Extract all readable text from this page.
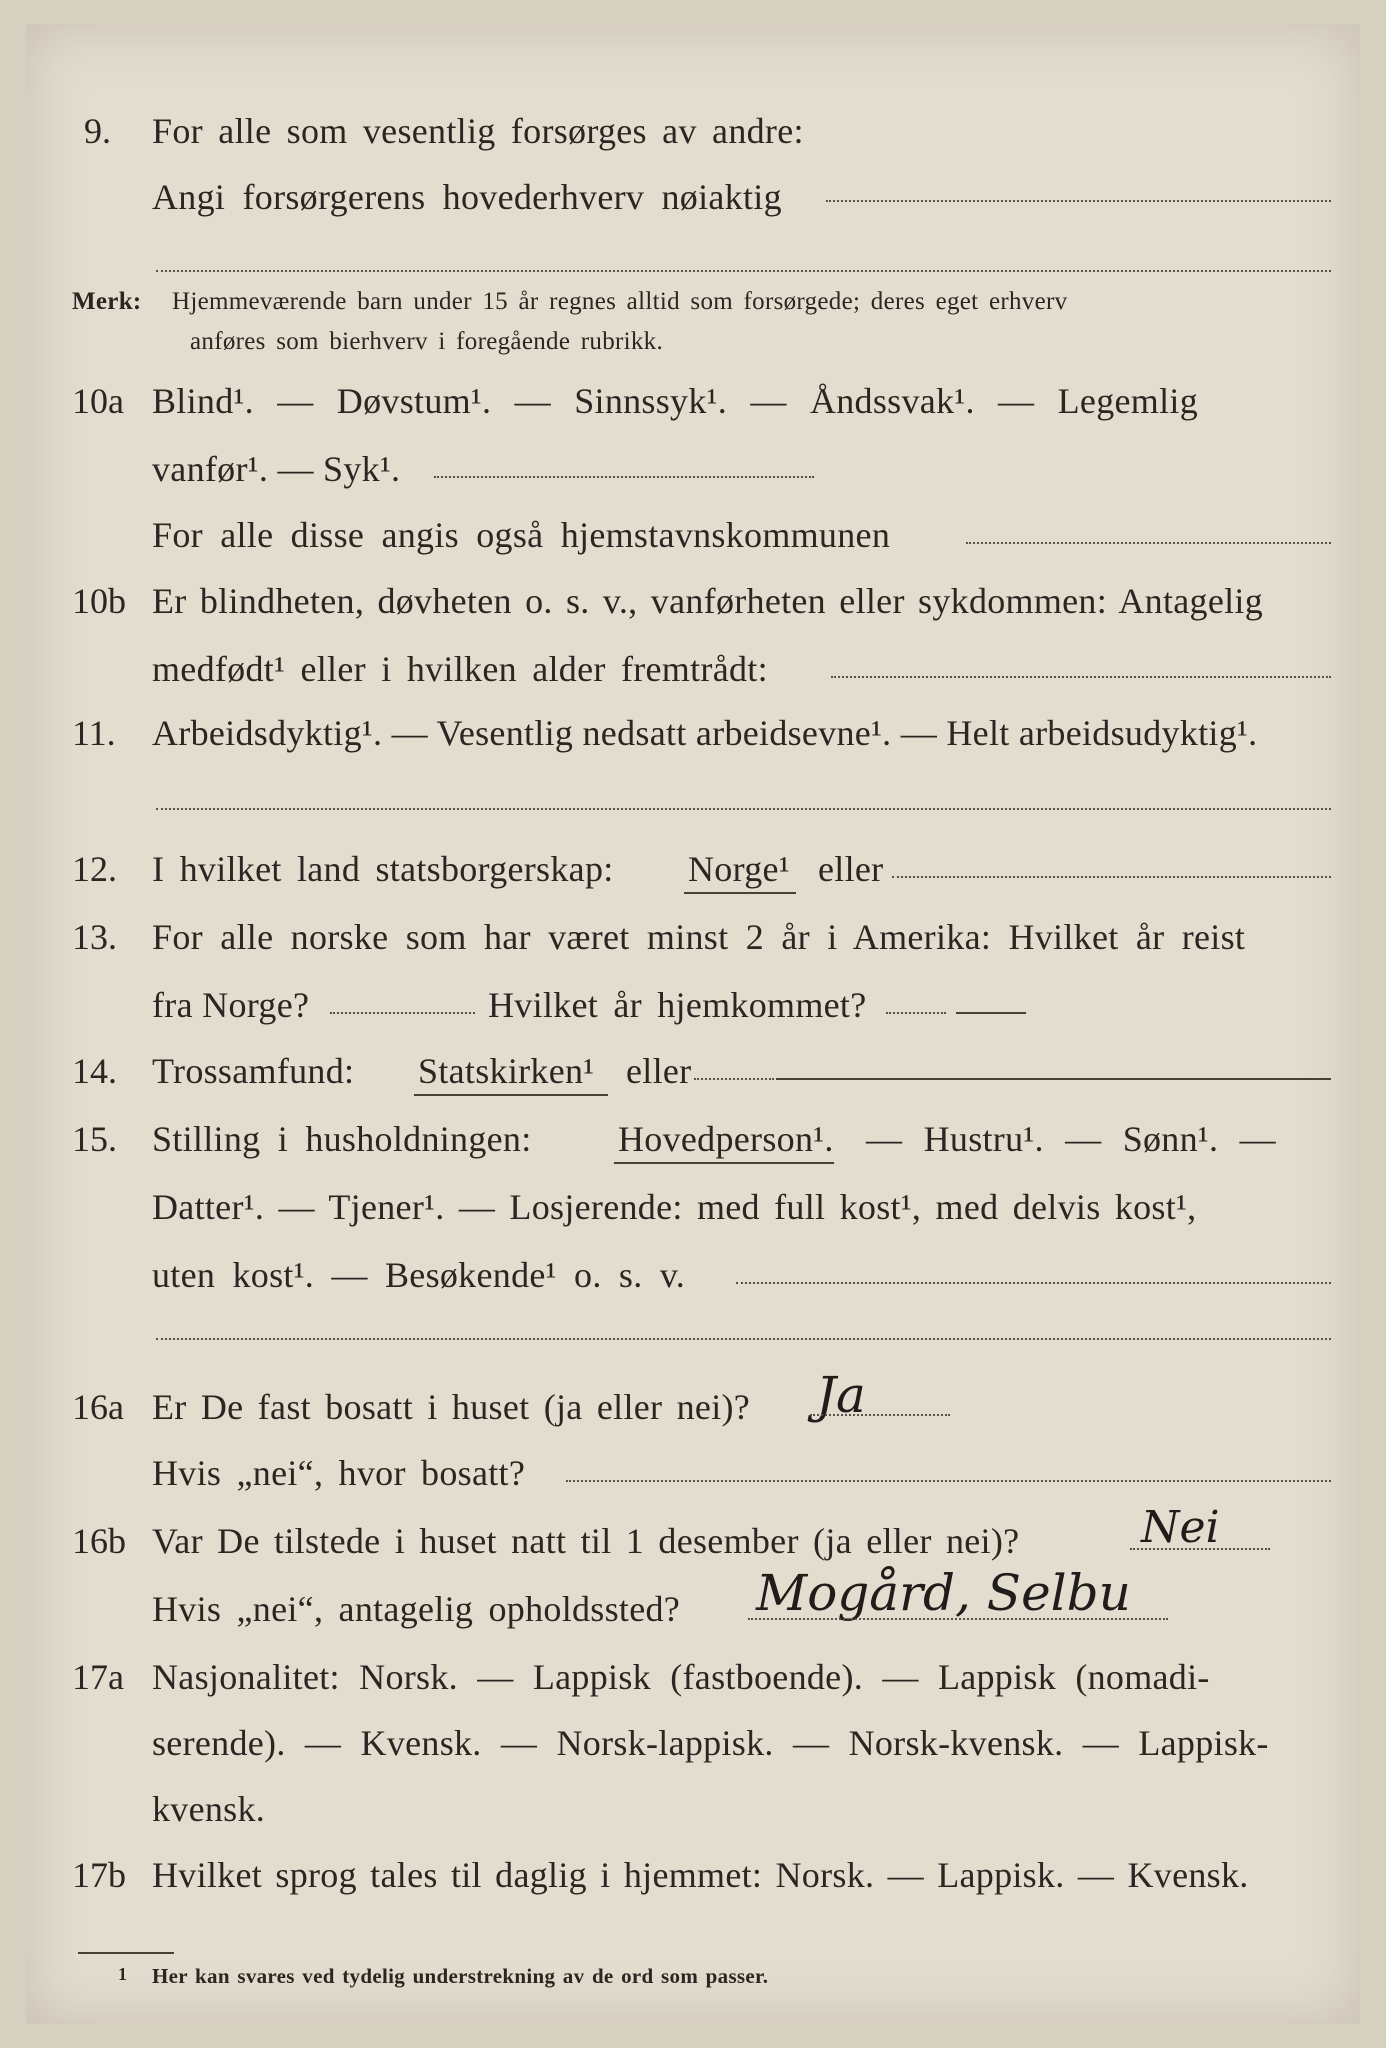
9. For alle som vesentlig forsørges av andre:
Angi forsørgerens hovederhverv nøiaktig
Merk: Hjemmeværende barn under 15 år regnes alltid som forsørgede; deres eget erhverv
anføres som bierhverv i foregående rubrikk.
10a Blind¹. — Døvstum¹. — Sinnssyk¹. — Åndssvak¹. — Legemlig
vanfør¹. — Syk¹.
For alle disse angis også hjemstavnskommunen
10b Er blindheten, døvheten o. s. v., vanførheten eller sykdommen: Antagelig
medfødt¹ eller i hvilken alder fremtrådt:
11. Arbeidsdyktig¹. — Vesentlig nedsatt arbeidsevne¹. — Helt arbeidsudyktig¹.
12. I hvilket land statsborgerskap: Norge¹ eller
13. For alle norske som har været minst 2 år i Amerika: Hvilket år reist
fra Norge?	Hvilket år hjemkommet?
14. Trossamfund: Statskirken¹ eller
15. Stilling i husholdningen: Hovedperson¹. — Hustru¹. — Sønn¹. —
Datter¹. — Tjener¹. — Losjerende: med full kost¹, med delvis kost¹,
uten kost¹. — Besøkende¹ o. s. v.
16a Er De fast bosatt i huset (ja eller nei)? Ja
Hvis „nei“, hvor bosatt?
16b Var De tilstede i huset natt til 1 desember (ja eller nei)?	Nei
Hvis „nei“, antagelig opholdssted? Mogård, Selbu
17a Nasjonalitet: Norsk. — Lappisk (fastboende). — Lappisk (nomadi-
serende). — Kvensk. — Norsk-lappisk. — Norsk-kvensk. — Lappisk-
kvensk.
17b Hvilket sprog tales til daglig i hjemmet: Norsk. — Lappisk. — Kvensk.
1 Her kan svares ved tydelig understrekning av de ord som passer.
